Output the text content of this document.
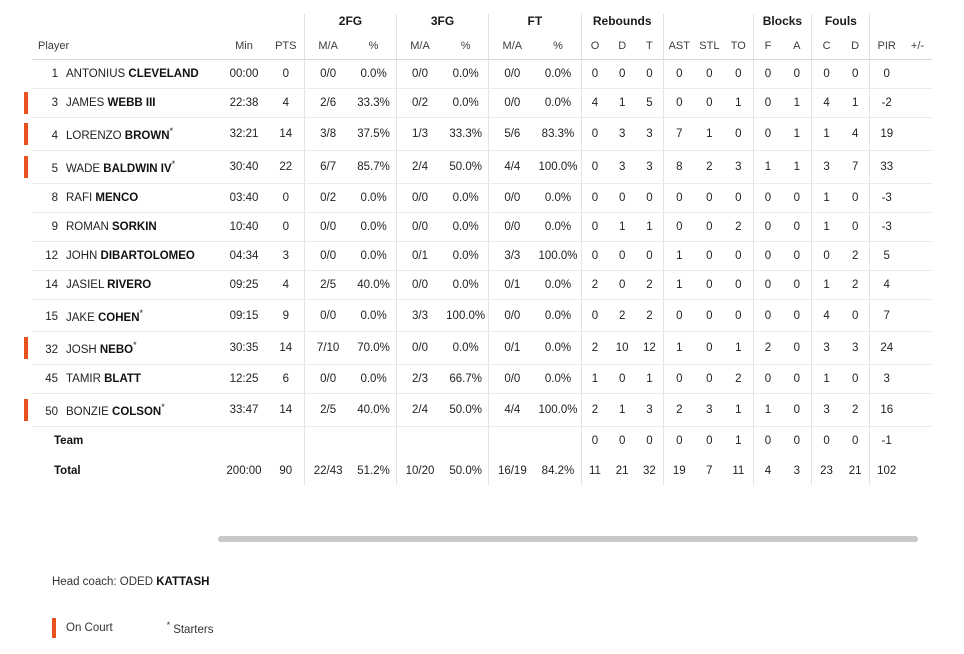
			2FG		3FG		FT		Rebounds						Blocks		Fouls			
Player	Min	PTS	M/A	%	M/A	%	M/A	%	O	D	T	AST	STL	TO	F	A	C	D	PIR	+/-
1 ANTONIUS CLEVELAND	00:00	0	0/0	0.0%	0/0	0.0%	0/0	0.0%	0	0	0	0	0	0	0	0	0	0	0	
3 JAMES WEBB III	22:38	4	2/6	33.3%	0/2	0.0%	0/0	0.0%	4	1	5	0	0	1	0	1	4	1	-2	
4 LORENZO BROWN*	32:21	14	3/8	37.5%	1/3	33.3%	5/6	83.3%	0	3	3	7	1	0	0	1	1	4	19	
5 WADE BALDWIN IV*	30:40	22	6/7	85.7%	2/4	50.0%	4/4	100.0%	0	3	3	8	2	3	1	1	3	7	33	
8 RAFI MENCO	03:40	0	0/2	0.0%	0/0	0.0%	0/0	0.0%	0	0	0	0	0	0	0	0	1	0	-3	
9 ROMAN SORKIN	10:40	0	0/0	0.0%	0/0	0.0%	0/0	0.0%	0	1	1	0	0	2	0	0	1	0	-3	
12 JOHN DIBARTOLOMEO	04:34	3	0/0	0.0%	0/1	0.0%	3/3	100.0%	0	0	0	1	0	0	0	0	0	2	5	
14 JASIEL RIVERO	09:25	4	2/5	40.0%	0/0	0.0%	0/1	0.0%	2	0	2	1	0	0	0	0	1	2	4	
15 JAKE COHEN*	09:15	9	0/0	0.0%	3/3	100.0%	0/0	0.0%	0	2	2	0	0	0	0	0	4	0	7	
32 JOSH NEBO*	30:35	14	7/10	70.0%	0/0	0.0%	0/1	0.0%	2	10	12	1	0	1	2	0	3	3	24	
45 TAMIR BLATT	12:25	6	0/0	0.0%	2/3	66.7%	0/0	0.0%	1	0	1	0	0	2	0	0	1	0	3	
50 BONZIE COLSON*	33:47	14	2/5	40.0%	2/4	50.0%	4/4	100.0%	2	1	3	2	3	1	1	0	3	2	16	
Team									0	0	0	0	0	1	0	0	0	0	-1	
Total	200:00	90	22/43	51.2%	10/20	50.0%	16/19	84.2%	11	21	32	19	7	11	4	3	23	21	102	
Head coach: ODED KATTASH
On Court	* Starters
